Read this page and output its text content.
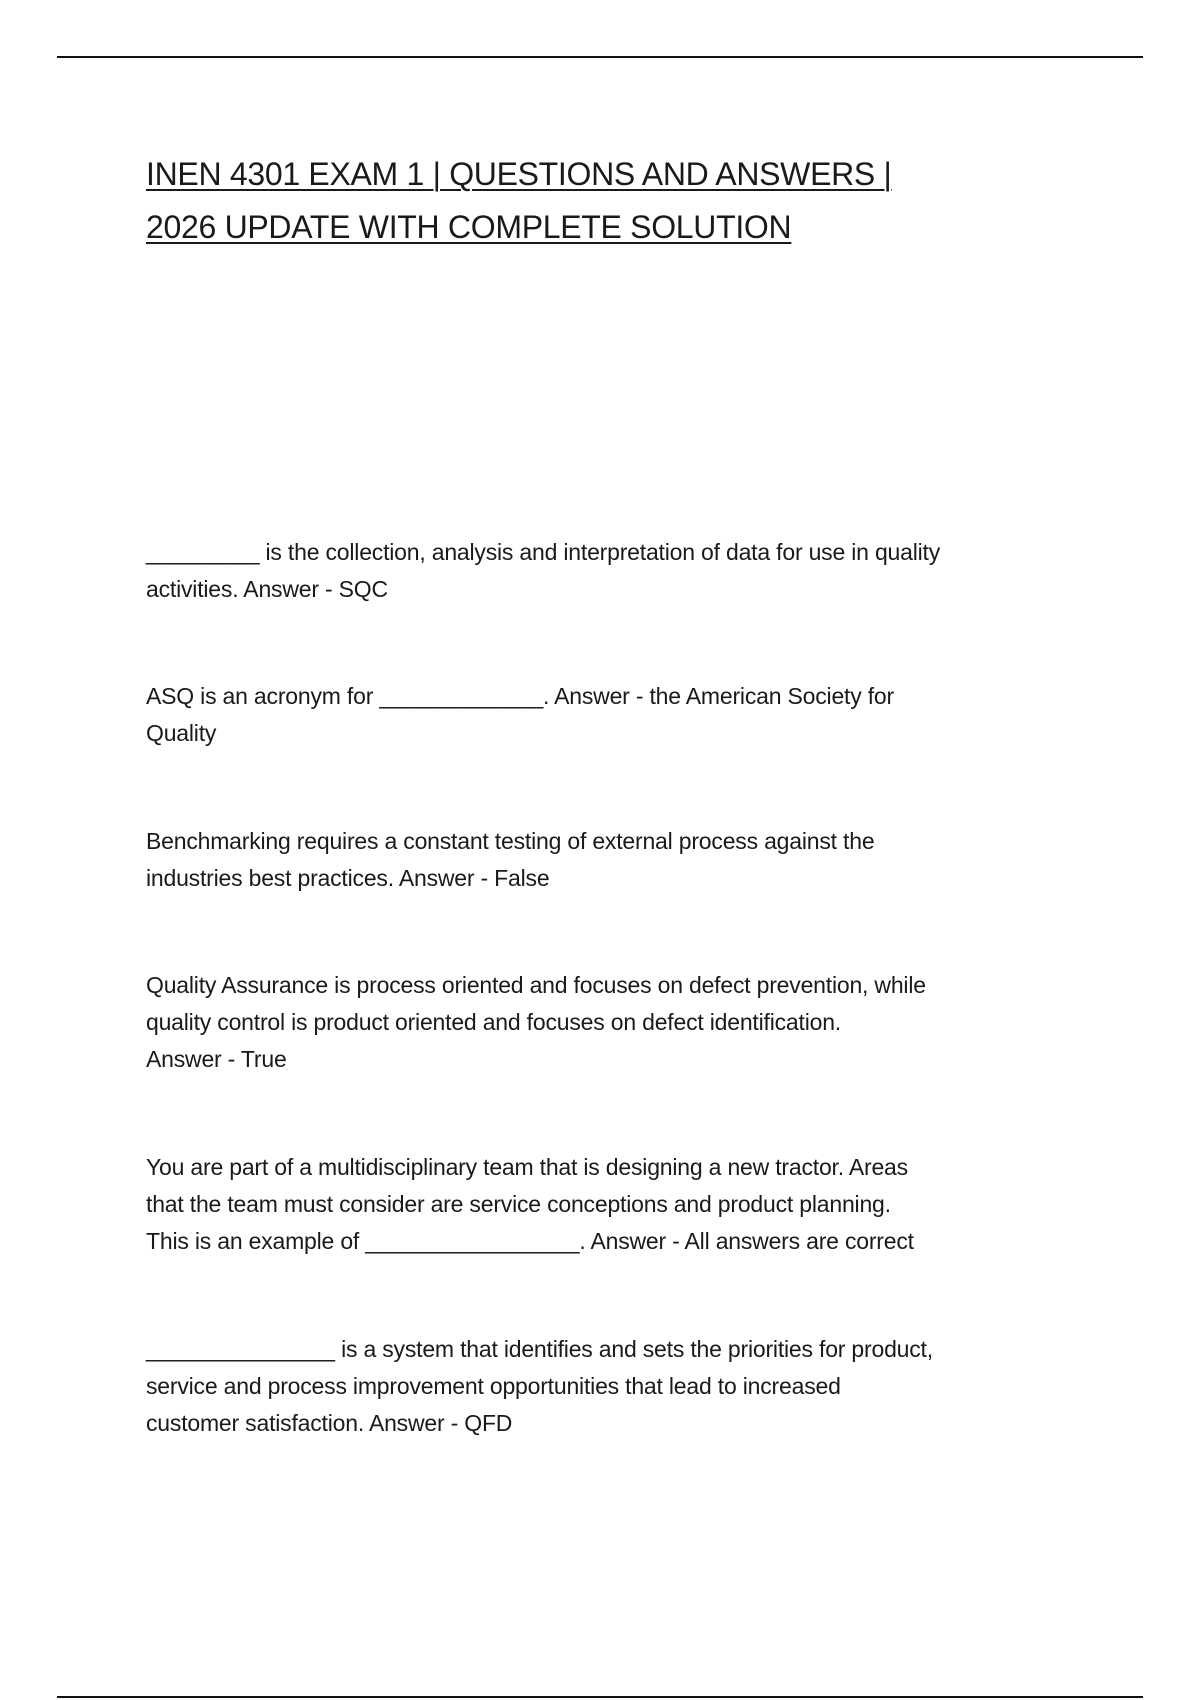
INEN 4301 EXAM 1 | QUESTIONS AND ANSWERS |
2026 UPDATE WITH COMPLETE SOLUTION

_________ is the collection, analysis and interpretation of data for use in quality
activities. Answer - SQC

ASQ is an acronym for _____________. Answer - the American Society for
Quality

Benchmarking requires a constant testing of external process against the
industries best practices. Answer - False

Quality Assurance is process oriented and focuses on defect prevention, while
quality control is product oriented and focuses on defect identification.
Answer - True

You are part of a multidisciplinary team that is designing a new tractor. Areas
that the team must consider are service conceptions and product planning.
This is an example of _________________. Answer - All answers are correct

_______________ is a system that identifies and sets the priorities for product,
service and process improvement opportunities that lead to increased
customer satisfaction. Answer - QFD
